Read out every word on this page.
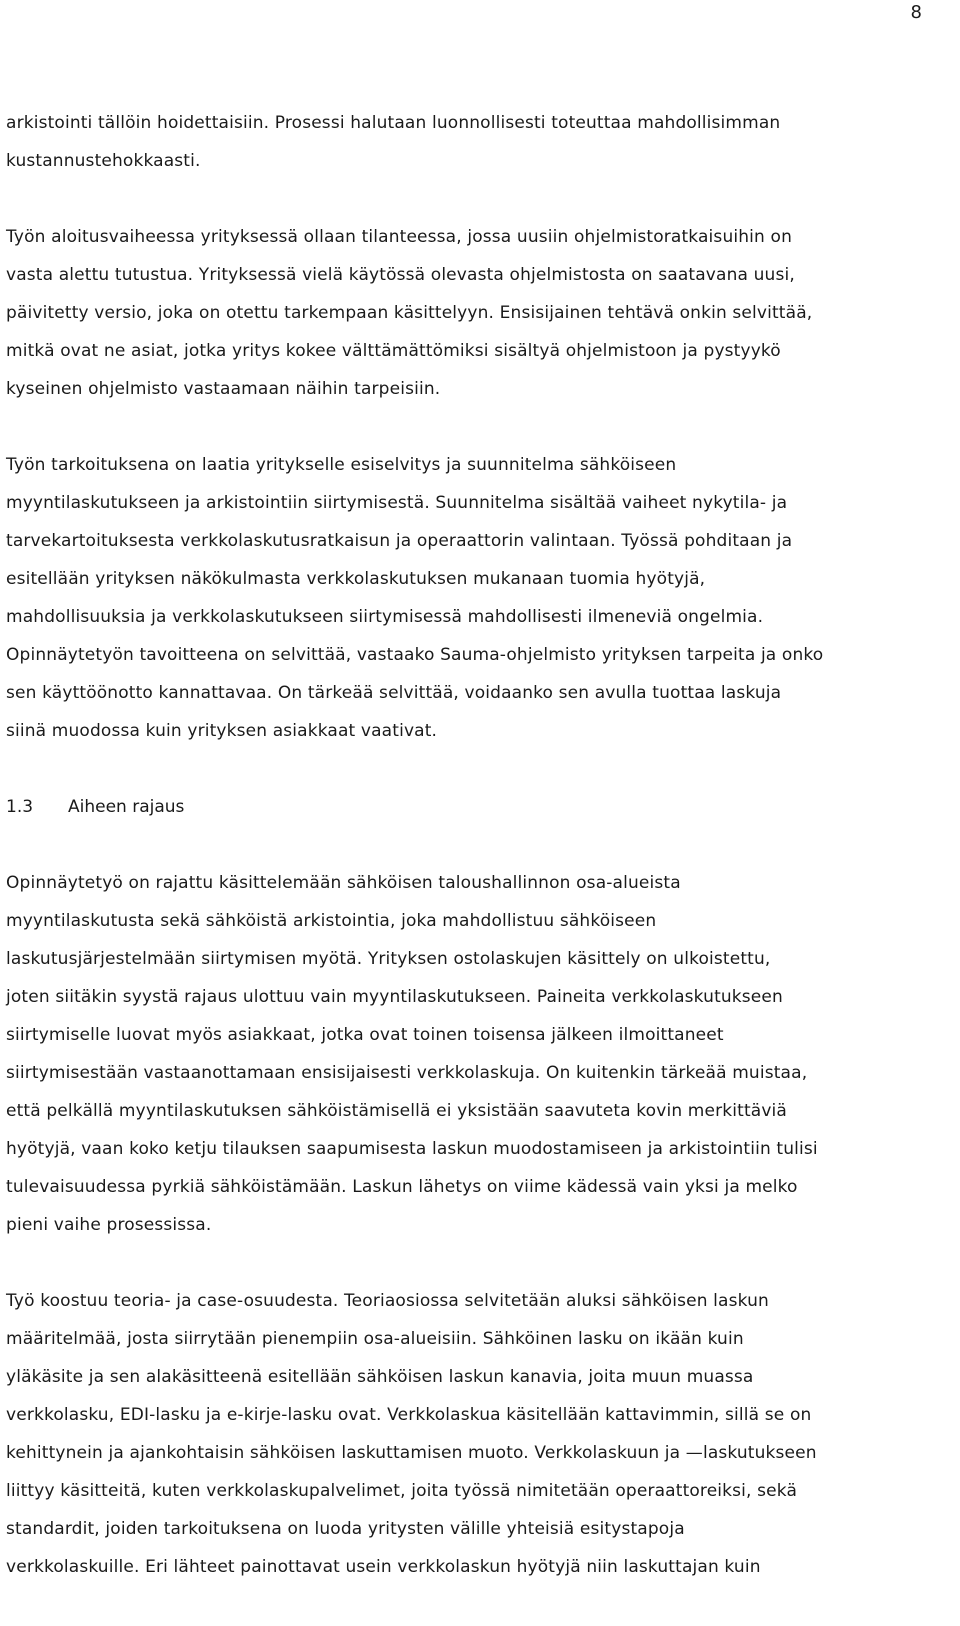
8
arkistointi tällöin hoidettaisiin. Prosessi halutaan luonnollisesti toteuttaa mahdollisimman
kustannustehokkaasti.
Työn aloitusvaiheessa yrityksessä ollaan tilanteessa, jossa uusiin ohjelmistoratkaisuihin on
vasta alettu tutustua. Yrityksessä vielä käytössä olevasta ohjelmistosta on saatavana uusi,
päivitetty versio, joka on otettu tarkempaan käsittelyyn. Ensisijainen tehtävä onkin selvittää,
mitkä ovat ne asiat, jotka yritys kokee välttämättömiksi sisältyä ohjelmistoon ja pystyykö
kyseinen ohjelmisto vastaamaan näihin tarpeisiin.
Työn tarkoituksena on laatia yritykselle esiselvitys ja suunnitelma sähköiseen
myyntilaskutukseen ja arkistointiin siirtymisestä. Suunnitelma sisältää vaiheet nykytila- ja
tarvekartoituksesta verkkolaskutusratkaisun ja operaattorin valintaan. Työssä pohditaan ja
esitellään yrityksen näkökulmasta verkkolaskutuksen mukanaan tuomia hyötyjä,
mahdollisuuksia ja verkkolaskutukseen siirtymisessä mahdollisesti ilmeneviä ongelmia.
Opinnäytetyön tavoitteena on selvittää, vastaako Sauma-ohjelmisto yrityksen tarpeita ja onko
sen käyttöönotto kannattavaa. On tärkeää selvittää, voidaanko sen avulla tuottaa laskuja
siinä muodossa kuin yrityksen asiakkaat vaativat.
1.3 Aiheen rajaus
Opinnäytetyö on rajattu käsittelemään sähköisen taloushallinnon osa-alueista
myyntilaskutusta sekä sähköistä arkistointia, joka mahdollistuu sähköiseen
laskutusjärjestelmään siirtymisen myötä. Yrityksen ostolaskujen käsittely on ulkoistettu,
joten siitäkin syystä rajaus ulottuu vain myyntilaskutukseen. Paineita verkkolaskutukseen
siirtymiselle luovat myös asiakkaat, jotka ovat toinen toisensa jälkeen ilmoittaneet
siirtymisestään vastaanottamaan ensisijaisesti verkkolaskuja. On kuitenkin tärkeää muistaa,
että pelkällä myyntilaskutuksen sähköistämisellä ei yksistään saavuteta kovin merkittäviä
hyötyjä, vaan koko ketju tilauksen saapumisesta laskun muodostamiseen ja arkistointiin tulisi
tulevaisuudessa pyrkiä sähköistämään. Laskun lähetys on viime kädessä vain yksi ja melko
pieni vaihe prosessissa.
Työ koostuu teoria- ja case-osuudesta. Teoriaosiossa selvitetään aluksi sähköisen laskun
määritelmää, josta siirrytään pienempiin osa-alueisiin. Sähköinen lasku on ikään kuin
yläkäsite ja sen alakäsitteenä esitellään sähköisen laskun kanavia, joita muun muassa
verkkolasku, EDI-lasku ja e-kirje-lasku ovat. Verkkolaskua käsitellään kattavimmin, sillä se on
kehittynein ja ajankohtaisin sähköisen laskuttamisen muoto. Verkkolaskuun ja —laskutukseen
liittyy käsitteitä, kuten verkkolaskupalvelimet, joita työssä nimitetään operaattoreiksi, sekä
standardit, joiden tarkoituksena on luoda yritysten välille yhteisiä esitystapoja
verkkolaskuille. Eri lähteet painottavat usein verkkolaskun hyötyjä niin laskuttajan kuin
